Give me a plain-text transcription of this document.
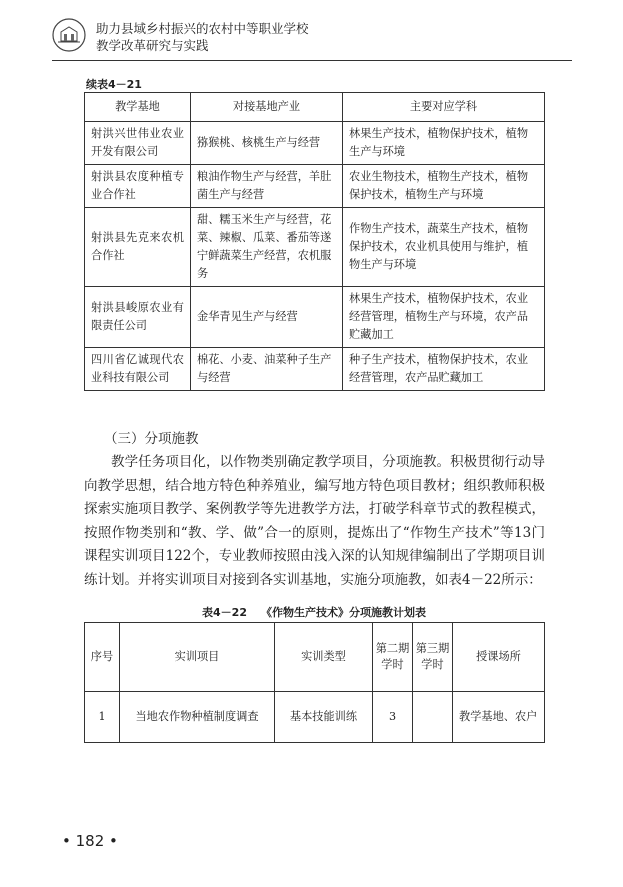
助力县域乡村振兴的农村中等职业学校
教学改革研究与实践
续表4－21
教学基地	对接基地产业	主要对应学科
射洪兴世伟业农业开发有限公司	猕猴桃、核桃生产与经营	林果生产技术，植物保护技术，植物生产与环境
射洪县农度种植专业合作社	粮油作物生产与经营，羊肚菌生产与经营	农业生物技术，植物生产技术，植物保护技术，植物生产与环境
射洪县先克来农机合作社	甜、糯玉米生产与经营，花菜、辣椒、瓜菜、番茄等遂宁鲜蔬菜生产经营，农机服务	作物生产技术，蔬菜生产技术，植物保护技术，农业机具使用与维护，植物生产与环境
射洪县峻原农业有限责任公司	金华青见生产与经营	林果生产技术，植物保护技术，农业经营管理，植物生产与环境，农产品贮藏加工
四川省亿诚现代农业科技有限公司	棉花、小麦、油菜种子生产与经营	种子生产技术，植物保护技术，农业经营管理，农产品贮藏加工
（三）分项施教

教学任务项目化，以作物类别确定教学项目，分项施教。积极贯彻行动导向教学思想，结合地方特色种养殖业，编写地方特色项目教材；组织教师积极探索实施项目教学、案例教学等先进教学方法，打破学科章节式的教程模式，按照作物类别和“教、学、做”合一的原则，提炼出了“作物生产技术”等13门课程实训项目122个，专业教师按照由浅入深的认知规律编制出了学期项目训练计划。并将实训项目对接到各实训基地，实施分项施教，如表4－22所示：

表4－22 《作物生产技术》分项施教计划表
序号	实训项目	实训类型	第二期学时	第三期学时	授课场所
1	当地农作物种植制度调查	基本技能训练	3		教学基地、农户
• 182 •
